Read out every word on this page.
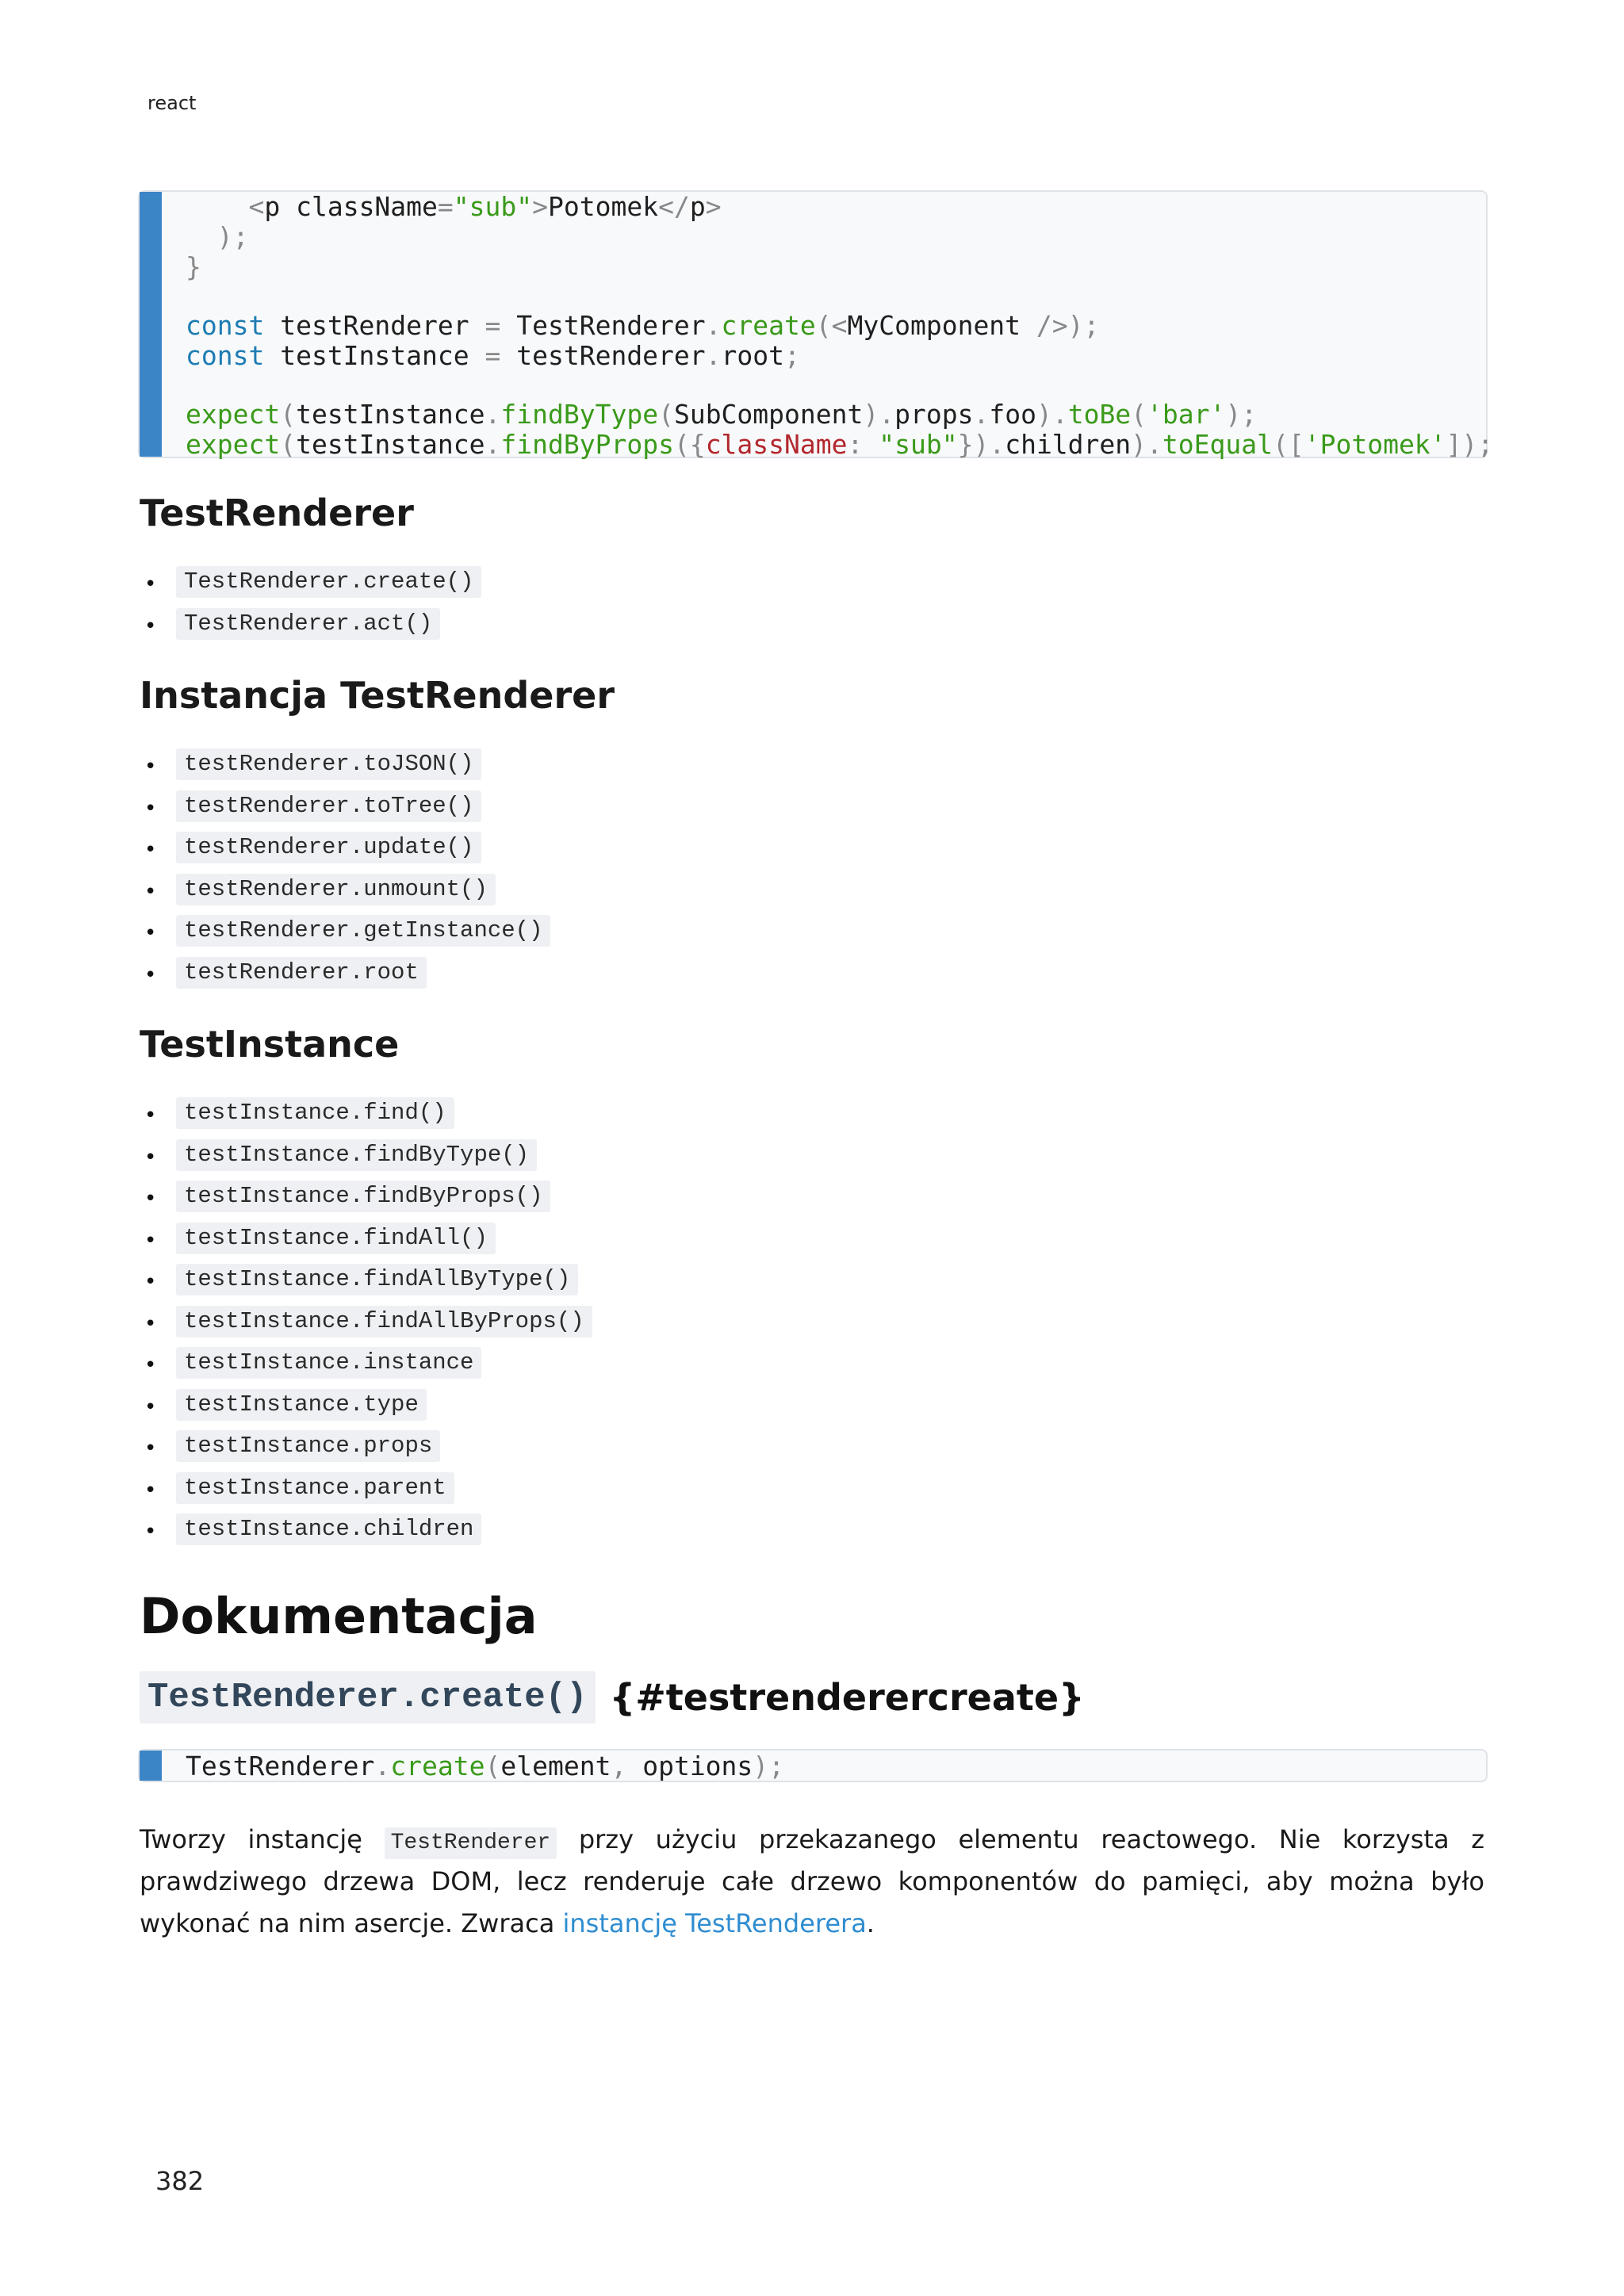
react
<p className="sub">Potomek</p>
);
}
const testRenderer = TestRenderer.create(<MyComponent />);
const testInstance = testRenderer.root;
expect(testInstance.findByType(SubComponent).props.foo).toBe('bar');
expect(testInstance.findByProps({className: "sub"}).children).toEqual(['Potomek']);
TestRenderer
• TestRenderer.create()
• TestRenderer.act()
Instancja TestRenderer
• testRenderer.toJSON()
• testRenderer.toTree()
• testRenderer.update()
• testRenderer.unmount()
• testRenderer.getInstance()
• testRenderer.root
TestInstance
• testInstance.find()
• testInstance.findByType()
• testInstance.findByProps()
• testInstance.findAll()
• testInstance.findAllByType()
• testInstance.findAllByProps()
• testInstance.instance
• testInstance.type
• testInstance.props
• testInstance.parent
• testInstance.children
Dokumentacja
TestRenderer.create() {#testrenderercreate}
TestRenderer.create(element, options);

Tworzy instancję TestRenderer przy użyciu przekazanego elementu reactowego. Nie korzysta z prawdziwego drzewa DOM, lecz renderuje całe drzewo komponentów do pamięci, aby można było wykonać na nim asercje. Zwraca instancję TestRenderera.

382
